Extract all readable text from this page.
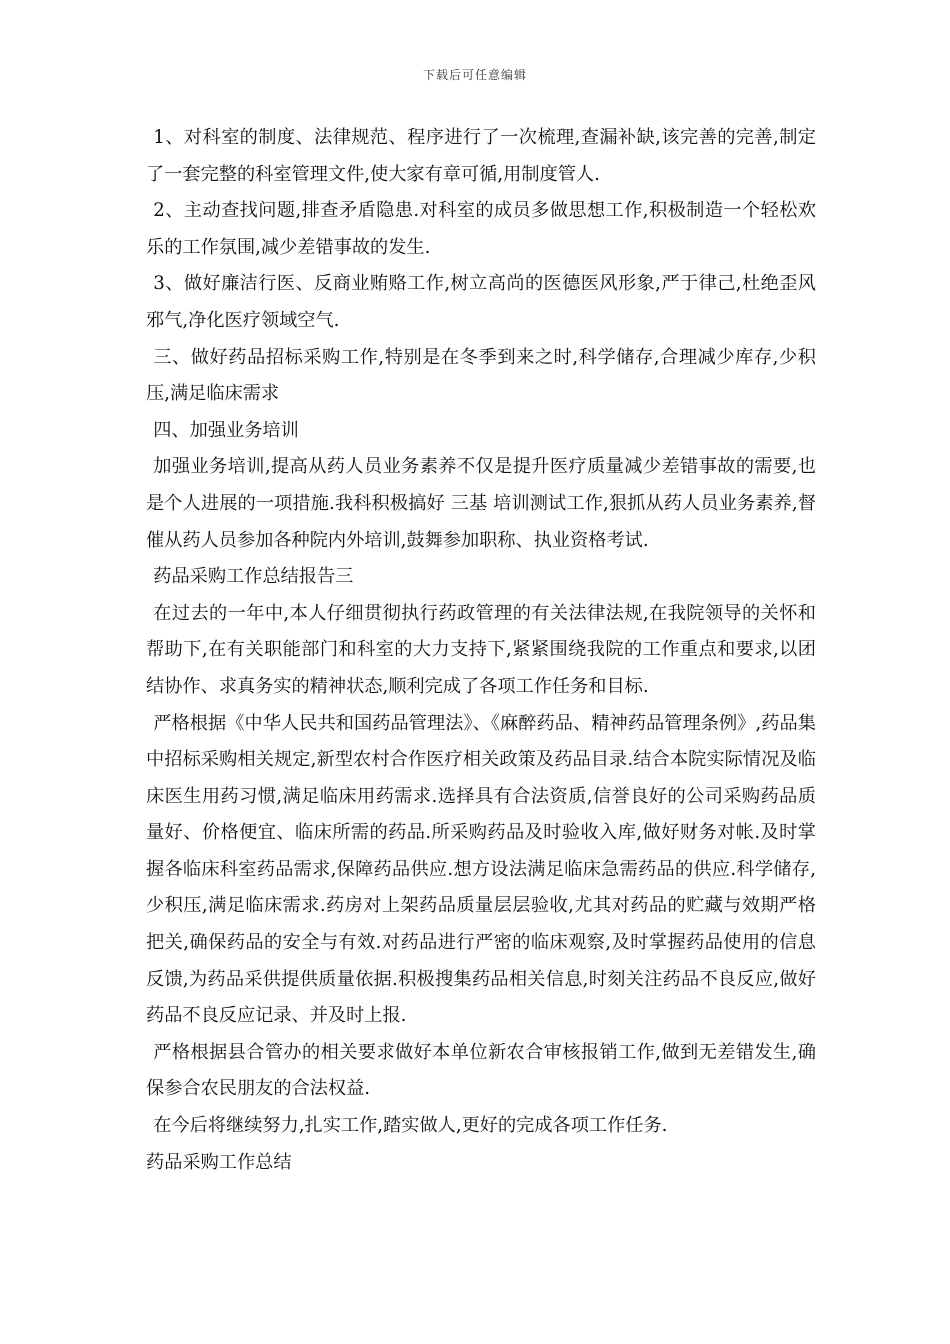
下载后可任意编辑

1、对科室的制度、法律规范、程序进行了一次梳理,查漏补缺,该完善的完善,制定了一套完整的科室管理文件,使大家有章可循,用制度管人.

2、主动查找问题,排查矛盾隐患.对科室的成员多做思想工作,积极制造一个轻松欢乐的工作氛围,减少差错事故的发生.

3、做好廉洁行医、反商业贿赂工作,树立高尚的医德医风形象,严于律己,杜绝歪风邪气,净化医疗领域空气.

三、做好药品招标采购工作,特别是在冬季到来之时,科学储存,合理减少库存,少积压,满足临床需求

四、加强业务培训

加强业务培训,提高从药人员业务素养不仅是提升医疗质量减少差错事故的需要,也是个人进展的一项措施.我科积极搞好 三基 培训测试工作,狠抓从药人员业务素养,督催从药人员参加各种院内外培训,鼓舞参加职称、执业资格考试.

药品采购工作总结报告三

在过去的一年中,本人仔细贯彻执行药政管理的有关法律法规,在我院领导的关怀和帮助下,在有关职能部门和科室的大力支持下,紧紧围绕我院的工作重点和要求,以团结协作、求真务实的精神状态,顺利完成了各项工作任务和目标.

严格根据《中华人民共和国药品管理法》、《麻醉药品、精神药品管理条例》,药品集中招标采购相关规定,新型农村合作医疗相关政策及药品目录.结合本院实际情况及临床医生用药习惯,满足临床用药需求.选择具有合法资质,信誉良好的公司采购药品质量好、价格便宜、临床所需的药品.所采购药品及时验收入库,做好财务对帐.及时掌握各临床科室药品需求,保障药品供应.想方设法满足临床急需药品的供应.科学储存,少积压,满足临床需求.药房对上架药品质量层层验收,尤其对药品的贮藏与效期严格把关,确保药品的安全与有效.对药品进行严密的临床观察,及时掌握药品使用的信息反馈,为药品采供提供质量依据.积极搜集药品相关信息,时刻关注药品不良反应,做好药品不良反应记录、并及时上报.

严格根据县合管办的相关要求做好本单位新农合审核报销工作,做到无差错发生,确保参合农民朋友的合法权益.

在今后将继续努力,扎实工作,踏实做人,更好的完成各项工作任务.

药品采购工作总结
